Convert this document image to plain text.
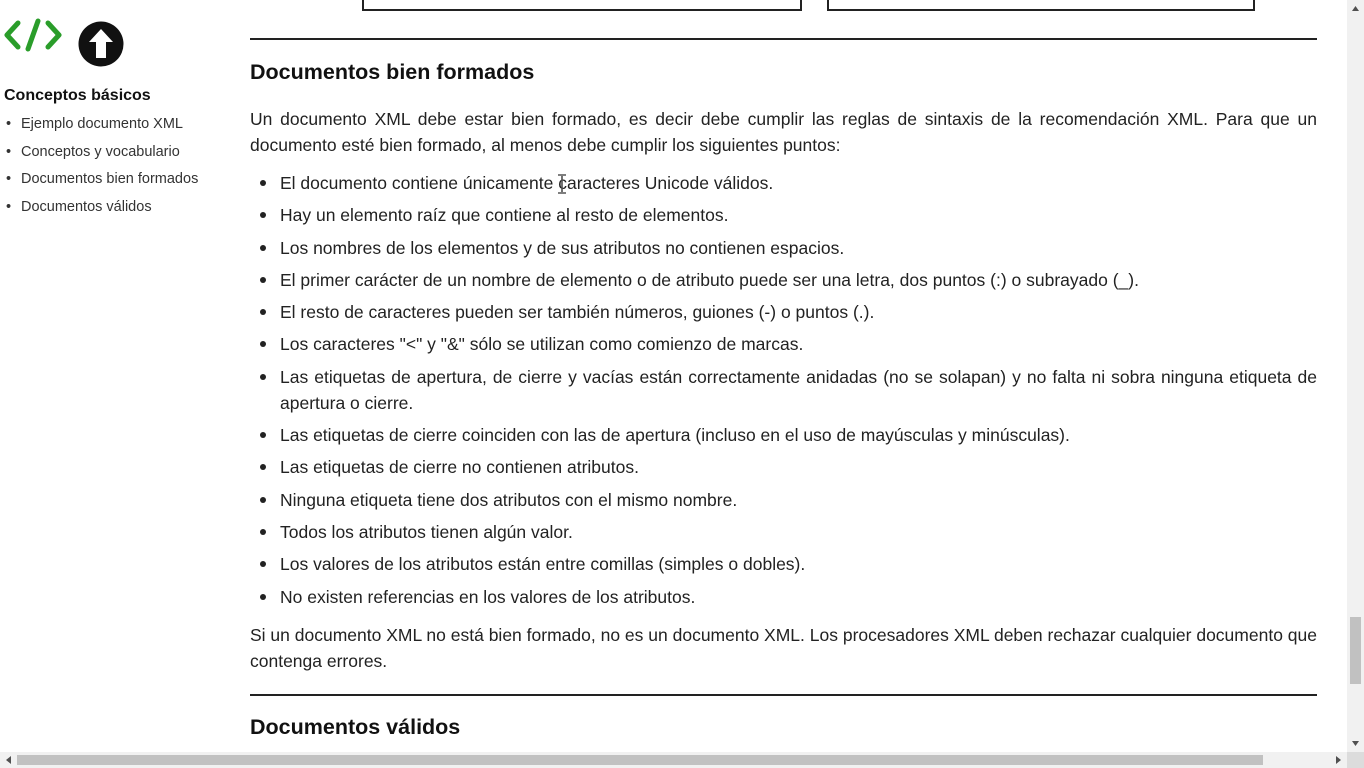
Conceptos básicos
• Ejemplo documento XML
• Conceptos y vocabulario
• Documentos bien formados
• Documentos válidos
Documentos bien formados

Un documento XML debe estar bien formado, es decir debe cumplir las reglas de sintaxis de la recomendación XML. Para que un documento esté bien formado, al menos debe cumplir los siguientes puntos:

El documento contiene únicamente caracteres Unicode válidos.
Hay un elemento raíz que contiene al resto de elementos.
Los nombres de los elementos y de sus atributos no contienen espacios.
El primer carácter de un nombre de elemento o de atributo puede ser una letra, dos puntos (:) o subrayado (_).
El resto de caracteres pueden ser también números, guiones (-) o puntos (.).
Los caracteres "<" y "&" sólo se utilizan como comienzo de marcas.
Las etiquetas de apertura, de cierre y vacías están correctamente anidadas (no se solapan) y no falta ni sobra ninguna etiqueta de apertura o cierre.
Las etiquetas de cierre coinciden con las de apertura (incluso en el uso de mayúsculas y minúsculas).
Las etiquetas de cierre no contienen atributos.
Ninguna etiqueta tiene dos atributos con el mismo nombre.
Todos los atributos tienen algún valor.
Los valores de los atributos están entre comillas (simples o dobles).
No existen referencias en los valores de los atributos.

Si un documento XML no está bien formado, no es un documento XML. Los procesadores XML deben rechazar cualquier documento que contenga errores.

Documentos válidos
